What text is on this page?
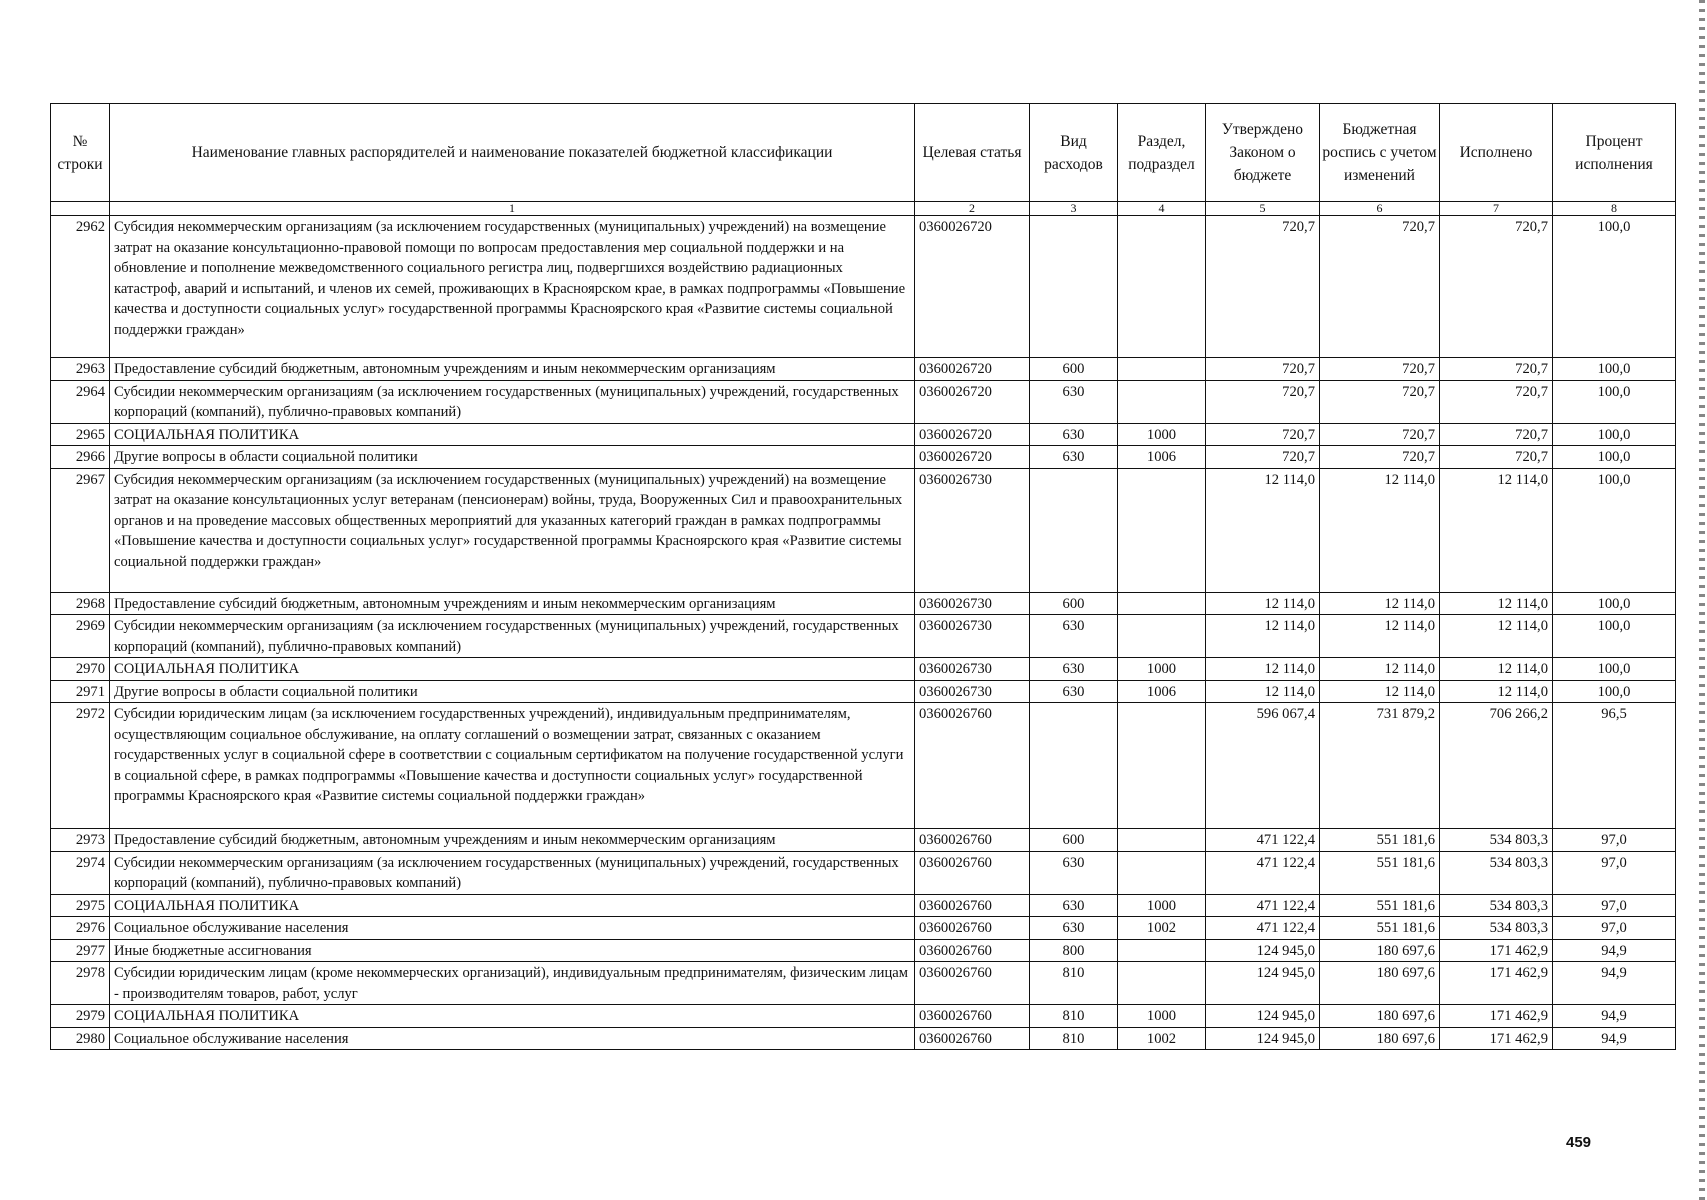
№ строки	Наименование главных распорядителей и наименование показателей бюджетной классификации	Целевая статья	Вид расходов	Раздел, подраздел	Утверждено Законом о бюджете	Бюджетная роспись с учетом изменений	Исполнено	Процент исполнения
	1	2	3	4	5	6	7	8
2962	Субсидия некоммерческим организациям (за исключением государственных (муниципальных) учреждений) на возмещение затрат на оказание консультационно-правовой помощи по вопросам предоставления мер социальной поддержки и на обновление и пополнение межведомственного социального регистра лиц, подвергшихся воздействию радиационных катастроф, аварий и испытаний, и членов их семей, проживающих в Красноярском крае, в рамках подпрограммы «Повышение качества и доступности социальных услуг» государственной программы Красноярского края «Развитие системы социальной поддержки граждан»	0360026720			720,7	720,7	720,7	100,0
2963	Предоставление субсидий бюджетным, автономным учреждениям и иным некоммерческим организациям	0360026720	600		720,7	720,7	720,7	100,0
2964	Субсидии некоммерческим организациям (за исключением государственных (муниципальных) учреждений, государственных корпораций (компаний), публично-правовых компаний)	0360026720	630		720,7	720,7	720,7	100,0
2965	СОЦИАЛЬНАЯ ПОЛИТИКА	0360026720	630	1000	720,7	720,7	720,7	100,0
2966	Другие вопросы в области социальной политики	0360026720	630	1006	720,7	720,7	720,7	100,0
2967	Субсидия некоммерческим организациям (за исключением государственных (муниципальных) учреждений) на возмещение затрат на оказание консультационных услуг ветеранам (пенсионерам) войны, труда, Вооруженных Сил и правоохранительных органов и на проведение массовых общественных мероприятий для указанных категорий граждан в рамках подпрограммы «Повышение качества и доступности социальных услуг» государственной программы Красноярского края «Развитие системы социальной поддержки граждан»	0360026730			12 114,0	12 114,0	12 114,0	100,0
2968	Предоставление субсидий бюджетным, автономным учреждениям и иным некоммерческим организациям	0360026730	600		12 114,0	12 114,0	12 114,0	100,0
2969	Субсидии некоммерческим организациям (за исключением государственных (муниципальных) учреждений, государственных корпораций (компаний), публично-правовых компаний)	0360026730	630		12 114,0	12 114,0	12 114,0	100,0
2970	СОЦИАЛЬНАЯ ПОЛИТИКА	0360026730	630	1000	12 114,0	12 114,0	12 114,0	100,0
2971	Другие вопросы в области социальной политики	0360026730	630	1006	12 114,0	12 114,0	12 114,0	100,0
2972	Субсидии юридическим лицам (за исключением государственных учреждений), индивидуальным предпринимателям, осуществляющим социальное обслуживание, на оплату соглашений о возмещении затрат, связанных с оказанием государственных услуг в социальной сфере в соответствии с социальным сертификатом на получение государственной услуги в социальной сфере, в рамках подпрограммы «Повышение качества и доступности социальных услуг» государственной программы Красноярского края «Развитие системы социальной поддержки граждан»	0360026760			596 067,4	731 879,2	706 266,2	96,5
2973	Предоставление субсидий бюджетным, автономным учреждениям и иным некоммерческим организациям	0360026760	600		471 122,4	551 181,6	534 803,3	97,0
2974	Субсидии некоммерческим организациям (за исключением государственных (муниципальных) учреждений, государственных корпораций (компаний), публично-правовых компаний)	0360026760	630		471 122,4	551 181,6	534 803,3	97,0
2975	СОЦИАЛЬНАЯ ПОЛИТИКА	0360026760	630	1000	471 122,4	551 181,6	534 803,3	97,0
2976	Социальное обслуживание населения	0360026760	630	1002	471 122,4	551 181,6	534 803,3	97,0
2977	Иные бюджетные ассигнования	0360026760	800		124 945,0	180 697,6	171 462,9	94,9
2978	Субсидии юридическим лицам (кроме некоммерческих организаций), индивидуальным предпринимателям, физическим лицам - производителям товаров, работ, услуг	0360026760	810		124 945,0	180 697,6	171 462,9	94,9
2979	СОЦИАЛЬНАЯ ПОЛИТИКА	0360026760	810	1000	124 945,0	180 697,6	171 462,9	94,9
2980	Социальное обслуживание населения	0360026760	810	1002	124 945,0	180 697,6	171 462,9	94,9
459
